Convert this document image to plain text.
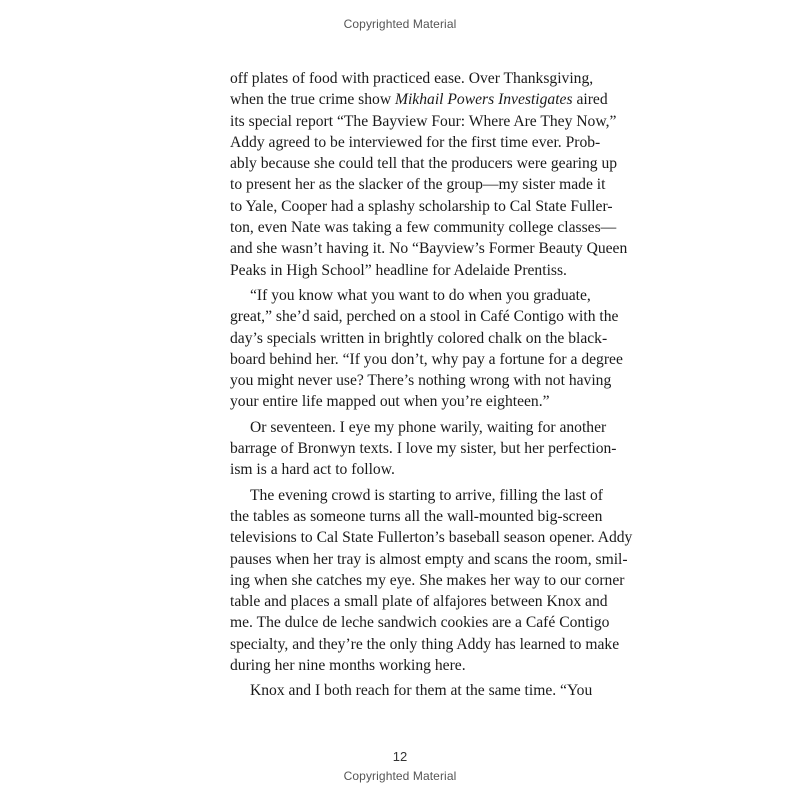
Copyrighted Material
off plates of food with practiced ease. Over Thanksgiving,
when the true crime show Mikhail Powers Investigates aired
its special report “The Bayview Four: Where Are They Now,”
Addy agreed to be interviewed for the first time ever. Prob-
ably because she could tell that the producers were gearing up
to present her as the slacker of the group—my sister made it
to Yale, Cooper had a splashy scholarship to Cal State Fuller-
ton, even Nate was taking a few community college classes—
and she wasn’t having it. No “Bayview’s Former Beauty Queen
Peaks in High School” headline for Adelaide Prentiss.
“If you know what you want to do when you graduate,
great,” she’d said, perched on a stool in Café Contigo with the
day’s specials written in brightly colored chalk on the black-
board behind her. “If you don’t, why pay a fortune for a degree
you might never use? There’s nothing wrong with not having
your entire life mapped out when you’re eighteen.”
Or seventeen. I eye my phone warily, waiting for another
barrage of Bronwyn texts. I love my sister, but her perfection-
ism is a hard act to follow.
The evening crowd is starting to arrive, filling the last of
the tables as someone turns all the wall-mounted big-screen
televisions to Cal State Fullerton’s baseball season opener. Addy
pauses when her tray is almost empty and scans the room, smil-
ing when she catches my eye. She makes her way to our corner
table and places a small plate of alfajores between Knox and
me. The dulce de leche sandwich cookies are a Café Contigo
specialty, and they’re the only thing Addy has learned to make
during her nine months working here.
Knox and I both reach for them at the same time. “You
12
Copyrighted Material
